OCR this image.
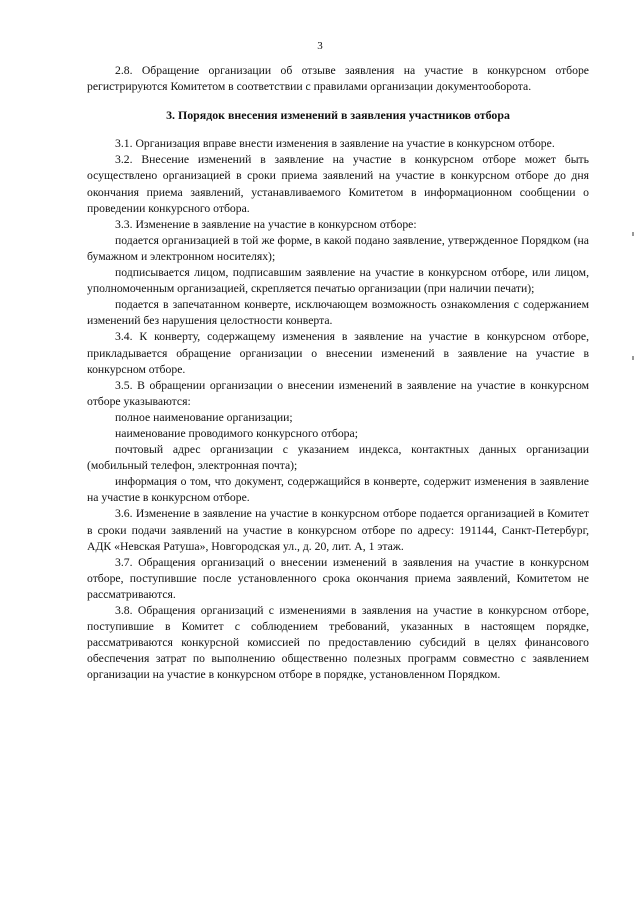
3

2.8. Обращение организации об отзыве заявления на участие в конкурсном отборе регистрируются Комитетом в соответствии с правилами организации документооборота.

3. Порядок внесения изменений в заявления участников отбора

3.1. Организация вправе внести изменения в заявление на участие в конкурсном отборе.

3.2. Внесение изменений в заявление на участие в конкурсном отборе может быть осуществлено организацией в сроки приема заявлений на участие в конкурсном отборе до дня окончания приема заявлений, устанавливаемого Комитетом в информационном сообщении о проведении конкурсного отбора.

3.3. Изменение в заявление на участие в конкурсном отборе:

подается организацией в той же форме, в какой подано заявление, утвержденное Порядком (на бумажном и электронном носителях);

подписывается лицом, подписавшим заявление на участие в конкурсном отборе, или лицом, уполномоченным организацией, скрепляется печатью организации (при наличии печати);

подается в запечатанном конверте, исключающем возможность ознакомления с содержанием изменений без нарушения целостности конверта.

3.4. К конверту, содержащему изменения в заявление на участие в конкурсном отборе, прикладывается обращение организации о внесении изменений в заявление на участие в конкурсном отборе.

3.5. В обращении организации о внесении изменений в заявление на участие в конкурсном отборе указываются:

полное наименование организации;

наименование проводимого конкурсного отбора;

почтовый адрес организации с указанием индекса, контактных данных организации (мобильный телефон, электронная почта);

информация о том, что документ, содержащийся в конверте, содержит изменения в заявление на участие в конкурсном отборе.

3.6. Изменение в заявление на участие в конкурсном отборе подается организацией в Комитет в сроки подачи заявлений на участие в конкурсном отборе по адресу: 191144, Санкт-Петербург, АДК «Невская Ратуша», Новгородская ул., д. 20, лит. А, 1 этаж.

3.7. Обращения организаций о внесении изменений в заявления на участие в конкурсном отборе, поступившие после установленного срока окончания приема заявлений, Комитетом не рассматриваются.

3.8. Обращения организаций с изменениями в заявления на участие в конкурсном отборе, поступившие в Комитет с соблюдением требований, указанных в настоящем порядке, рассматриваются конкурсной комиссией по предоставлению субсидий в целях финансового обеспечения затрат по выполнению общественно полезных программ совместно с заявлением организации на участие в конкурсном отборе в порядке, установленном Порядком.
